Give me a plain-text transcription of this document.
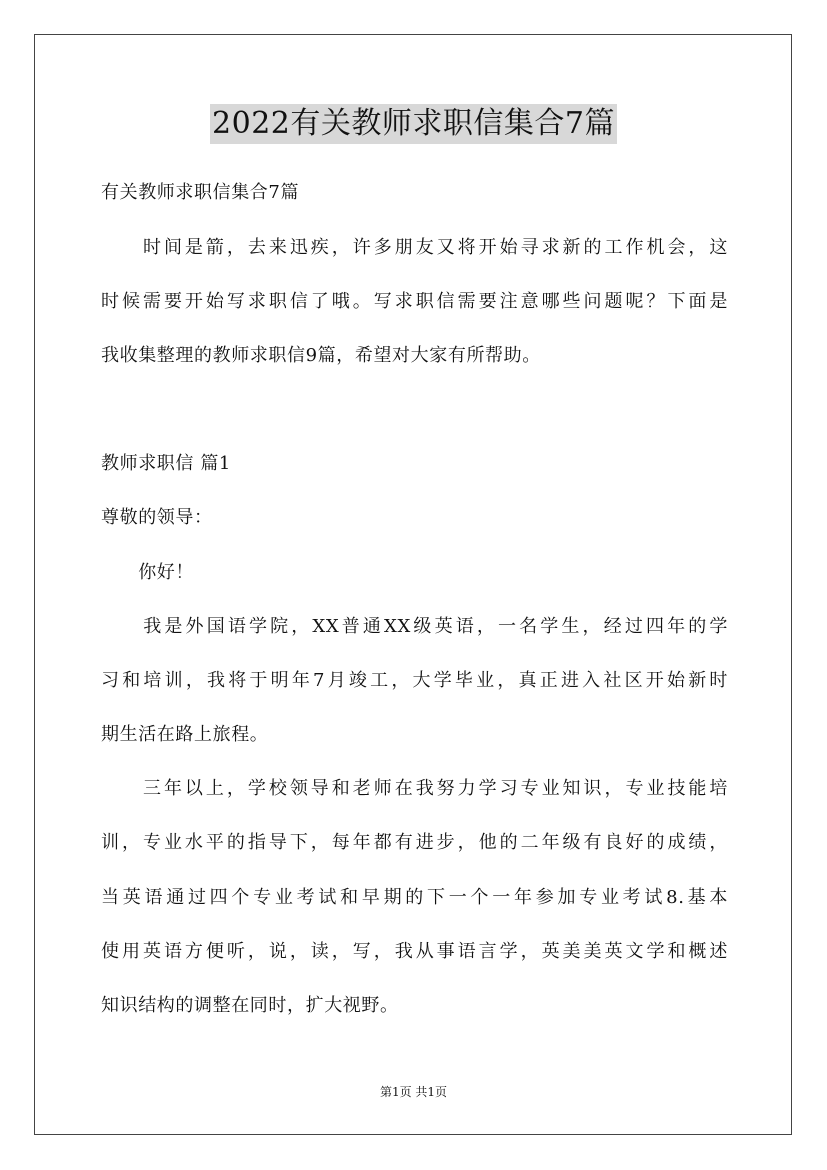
2022有关教师求职信集合7篇
有关教师求职信集合7篇
　　时间是箭，去来迅疾，许多朋友又将开始寻求新的工作机会，这
时候需要开始写求职信了哦。写求职信需要注意哪些问题呢？下面是
我收集整理的教师求职信9篇，希望对大家有所帮助。
教师求职信 篇1
尊敬的领导：
　　你好！
　　我是外国语学院，XX普通XX级英语，一名学生，经过四年的学
习和培训，我将于明年7月竣工，大学毕业，真正进入社区开始新时
期生活在路上旅程。
　　三年以上，学校领导和老师在我努力学习专业知识，专业技能培
训，专业水平的指导下，每年都有进步，他的二年级有良好的成绩，
当英语通过四个专业考试和早期的下一个一年参加专业考试8.基本
使用英语方便听，说，读，写，我从事语言学，英美美英文学和概述
知识结构的调整在同时，扩大视野。
第1页 共1页
